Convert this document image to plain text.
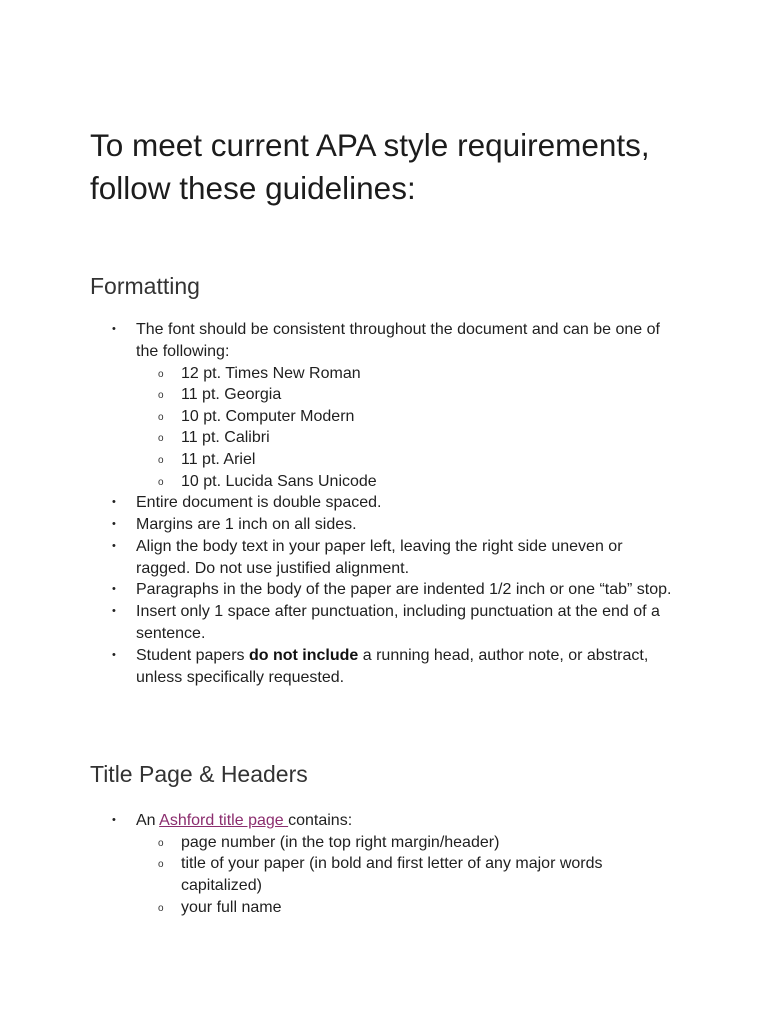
To meet current APA style requirements, follow these guidelines:
Formatting
•	The font should be consistent throughout the document and can be one of the following:
o 12 pt. Times New Roman
o 11 pt. Georgia
o 10 pt. Computer Modern
o 11 pt. Calibri
o 11 pt. Ariel
o 10 pt. Lucida Sans Unicode
•	Entire document is double spaced.
•	Margins are 1 inch on all sides.
•	Align the body text in your paper left, leaving the right side uneven or ragged. Do not use justified alignment.
•	Paragraphs in the body of the paper are indented 1/2 inch or one “tab” stop.
•	Insert only 1 space after punctuation, including punctuation at the end of a sentence.
•	Student papers do not include a running head, author note, or abstract, unless specifically requested.
Title Page & Headers
•	An Ashford title page contains:
o page number (in the top right margin/header)
o title of your paper (in bold and first letter of any major words capitalized)
o your full name
